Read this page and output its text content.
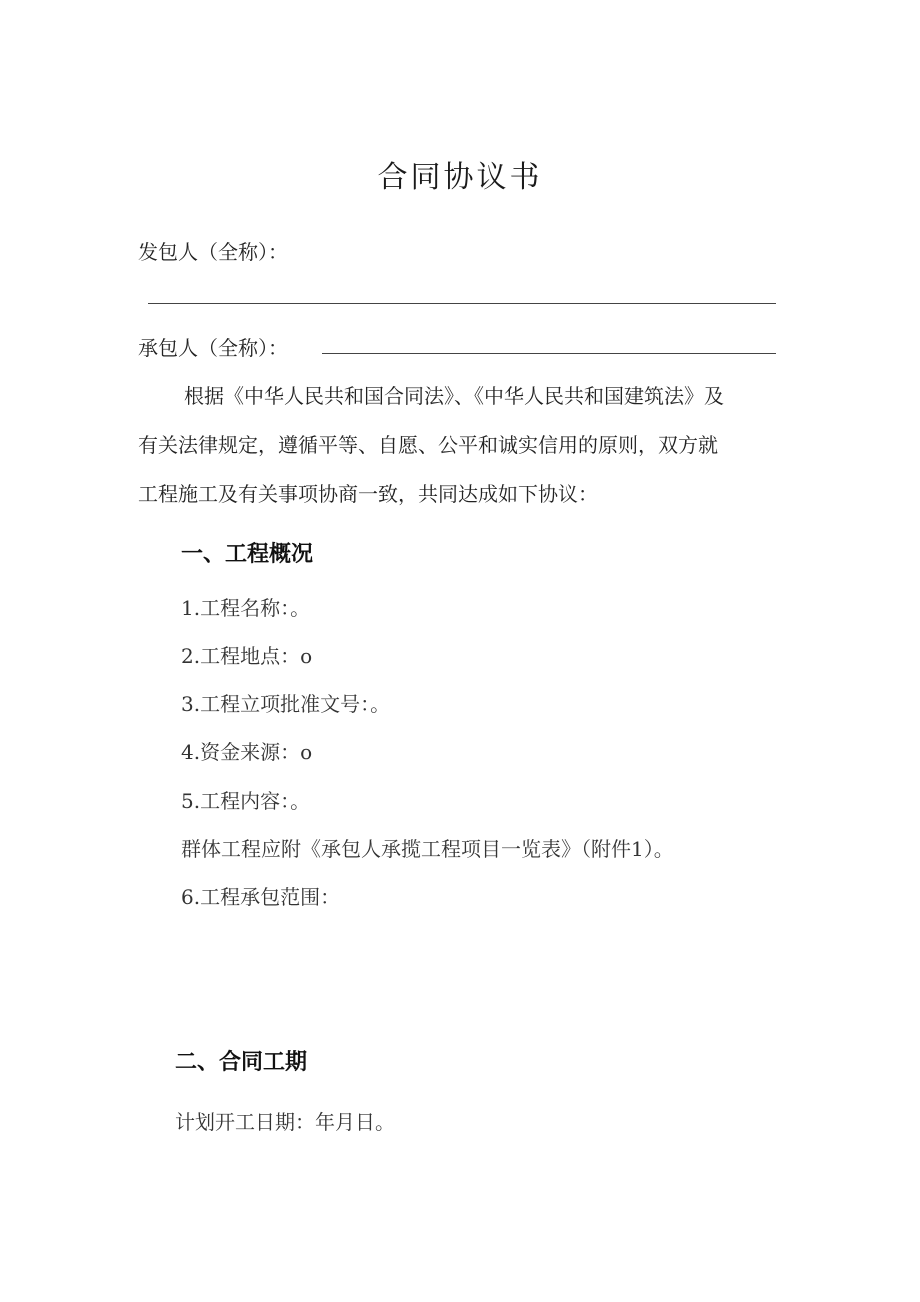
合同协议书
发包人（全称）：
承包人（全称）：
根据《中华人民共和国合同法》、《中华人民共和国建筑法》及
有关法律规定，遵循平等、自愿、公平和诚实信用的原则，双方就
工程施工及有关事项协商一致，共同达成如下协议：
一、工程概况
1.工程名称：。
2.工程地点：o
3.工程立项批准文号：。
4.资金来源：o
5.工程内容：。
群体工程应附《承包人承揽工程项目一览表》（附件1）。
6.工程承包范围：
二、合同工期
计划开工日期：年月日。
